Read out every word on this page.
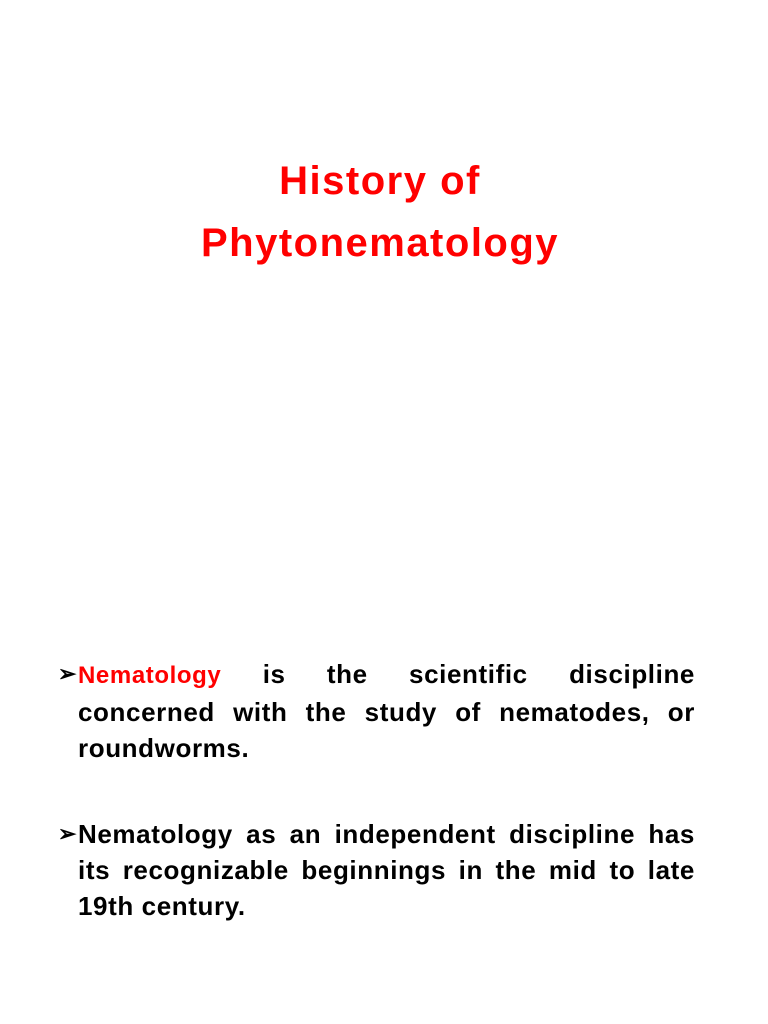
History of
Phytonematology
➢ Nematology is the scientific discipline concerned with the study of nematodes, or roundworms.
➢ Nematology as an independent discipline has its recognizable beginnings in the mid to late 19th century.
